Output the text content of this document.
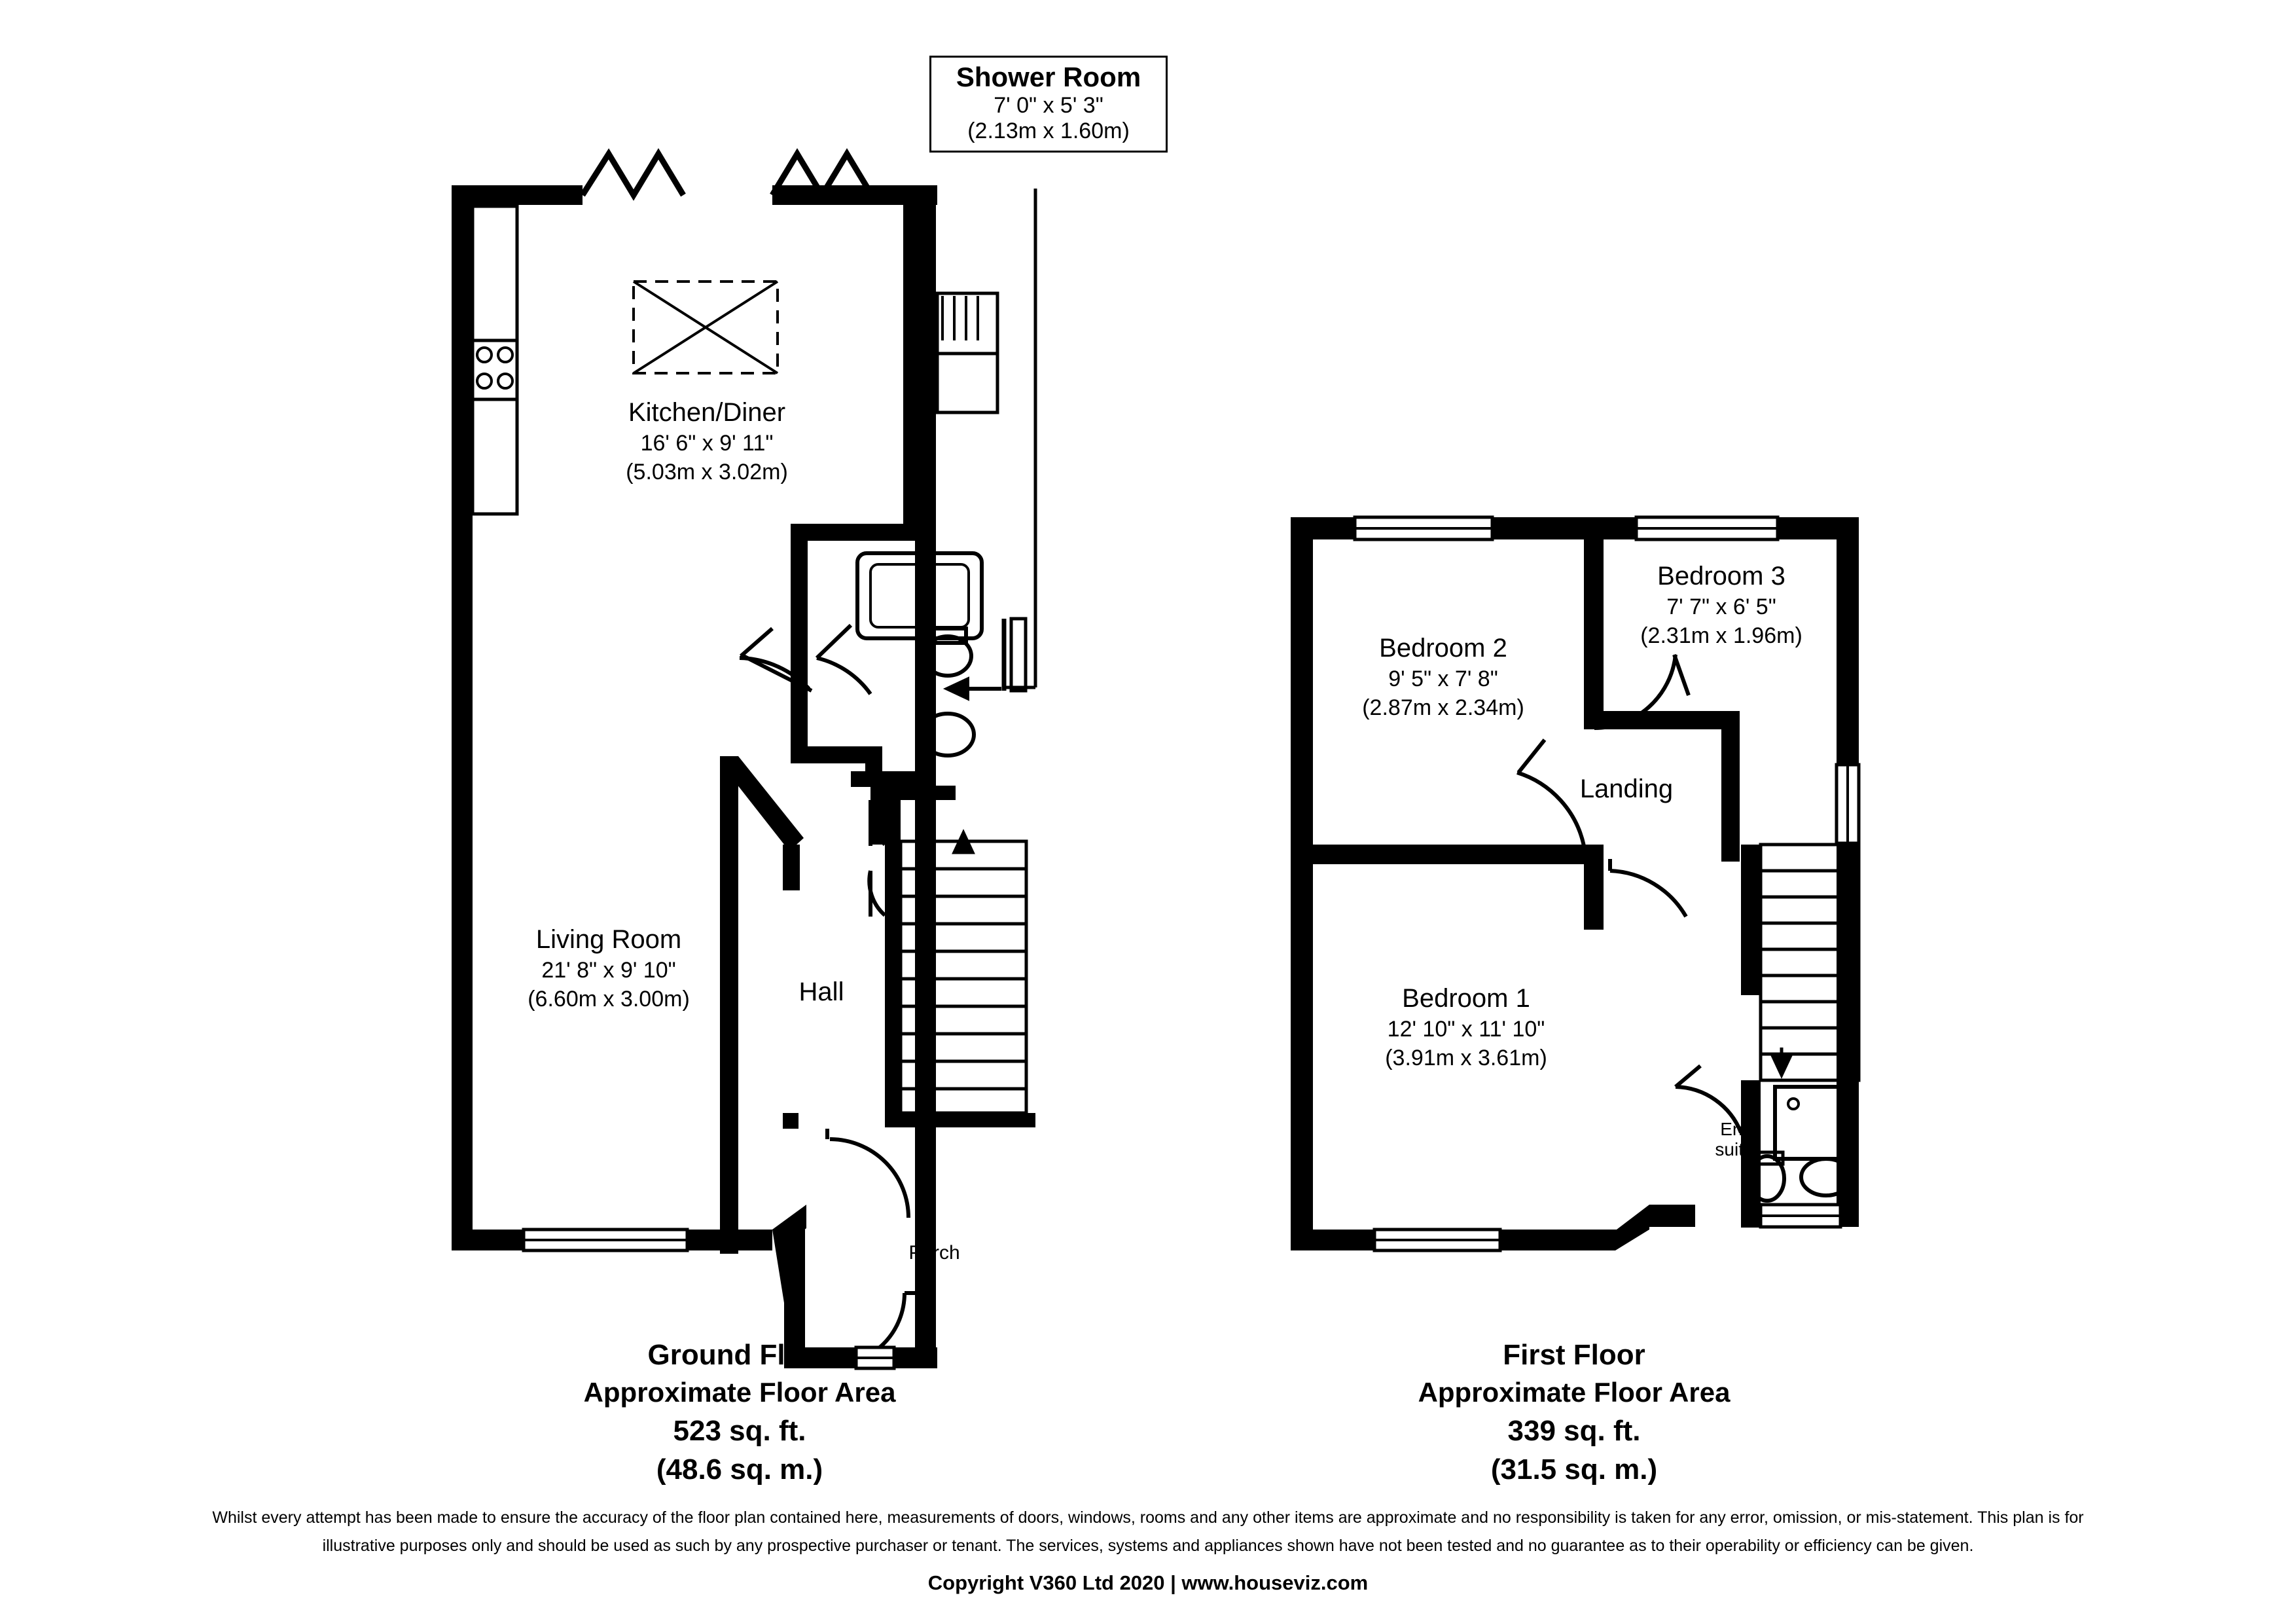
Shower Room
7' 0" x 5' 3"
(2.13m x 1.60m)
Kitchen/Diner
16' 6" x 9' 11"
(5.03m x 3.02m)
Living Room
21' 8" x 9' 10"
(6.60m x 3.00m)	Hall
Cup
Porch
Bedroom 2
9' 5" x 7' 8"
(2.87m x 2.34m)
Bedroom 3
7' 7" x 6' 5"
(2.31m x 1.96m)
Landing
Bedroom 1
12' 10" x 11' 10"
(3.91m x 3.61m)
En-
suite
Ground Floor
Approximate Floor Area
523 sq. ft.
(48.6 sq. m.)
First Floor
Approximate Floor Area
339 sq. ft.
(31.5 sq. m.)
Whilst every attempt has been made to ensure the accuracy of the floor plan contained here, measurements of doors, windows, rooms and any other items are approximate and no responsibility is taken for any error, omission, or mis-statement. This plan is for
illustrative purposes only and should be used as such by any prospective purchaser or tenant. The services, systems and appliances shown have not been tested and no guarantee as to their operability or efficiency can be given.
Copyright V360 Ltd 2020 | www.houseviz.com
